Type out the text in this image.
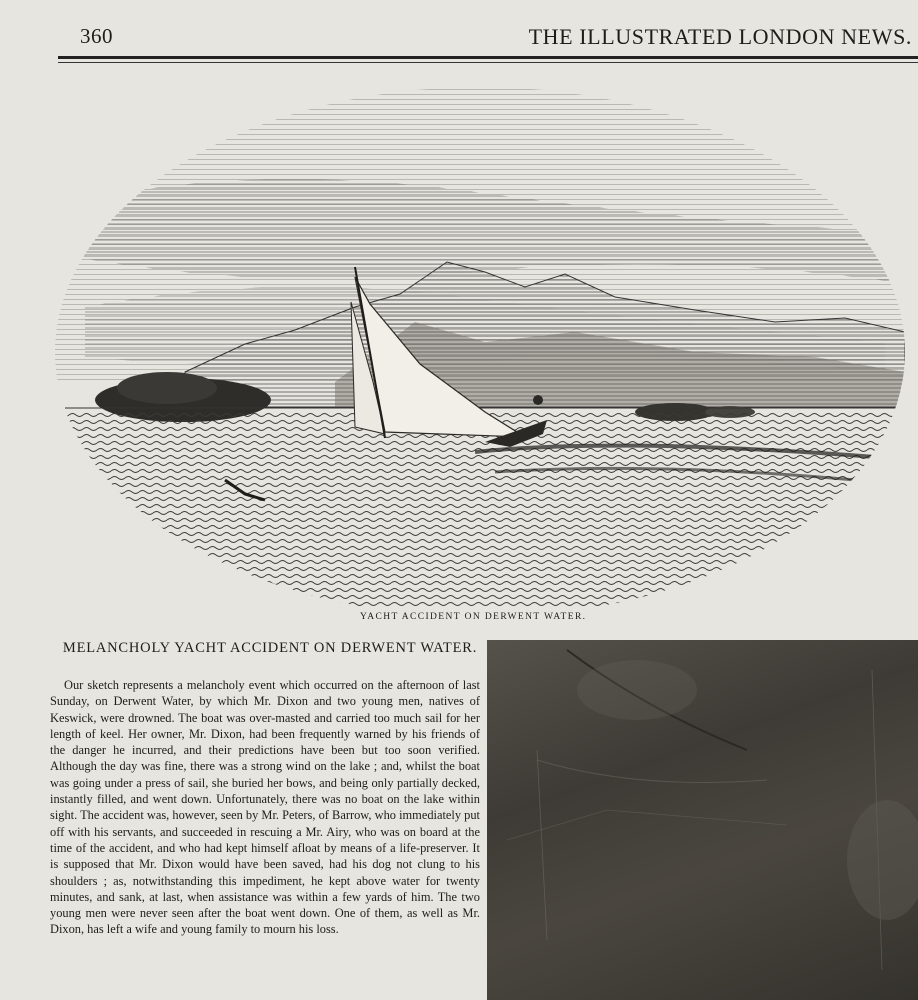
360	THE ILLUSTRATED LONDON NEWS.
YACHT ACCIDENT ON DERWENT WATER.
MELANCHOLY YACHT ACCIDENT ON DERWENT WATER.

Our sketch represents a melancholy event which occurred on the afternoon of last Sunday, on Derwent Water, by which Mr. Dixon and two young men, natives of Keswick, were drowned. The boat was over-masted and carried too much sail for her length of keel. Her owner, Mr. Dixon, had been frequently warned by his friends of the danger he incurred, and their predictions have been but too soon verified. Although the day was fine, there was a strong wind on the lake ; and, whilst the boat was going under a press of sail, she buried her bows, and being only partially decked, instantly filled, and went down. Unfortunately, there was no boat on the lake within sight. The accident was, however, seen by Mr. Peters, of Barrow, who immediately put off with his servants, and succeeded in rescuing a Mr. Airy, who was on board at the time of the accident, and who had kept himself afloat by means of a life-preserver. It is supposed that Mr. Dixon would have been saved, had his dog not clung to his shoulders ; as, notwithstanding this impediment, he kept above water for twenty minutes, and sank, at last, when assistance was within a few yards of him. The two young men were never seen after the boat went down. One of them, as well as Mr. Dixon, has left a wife and young family to mourn his loss.
